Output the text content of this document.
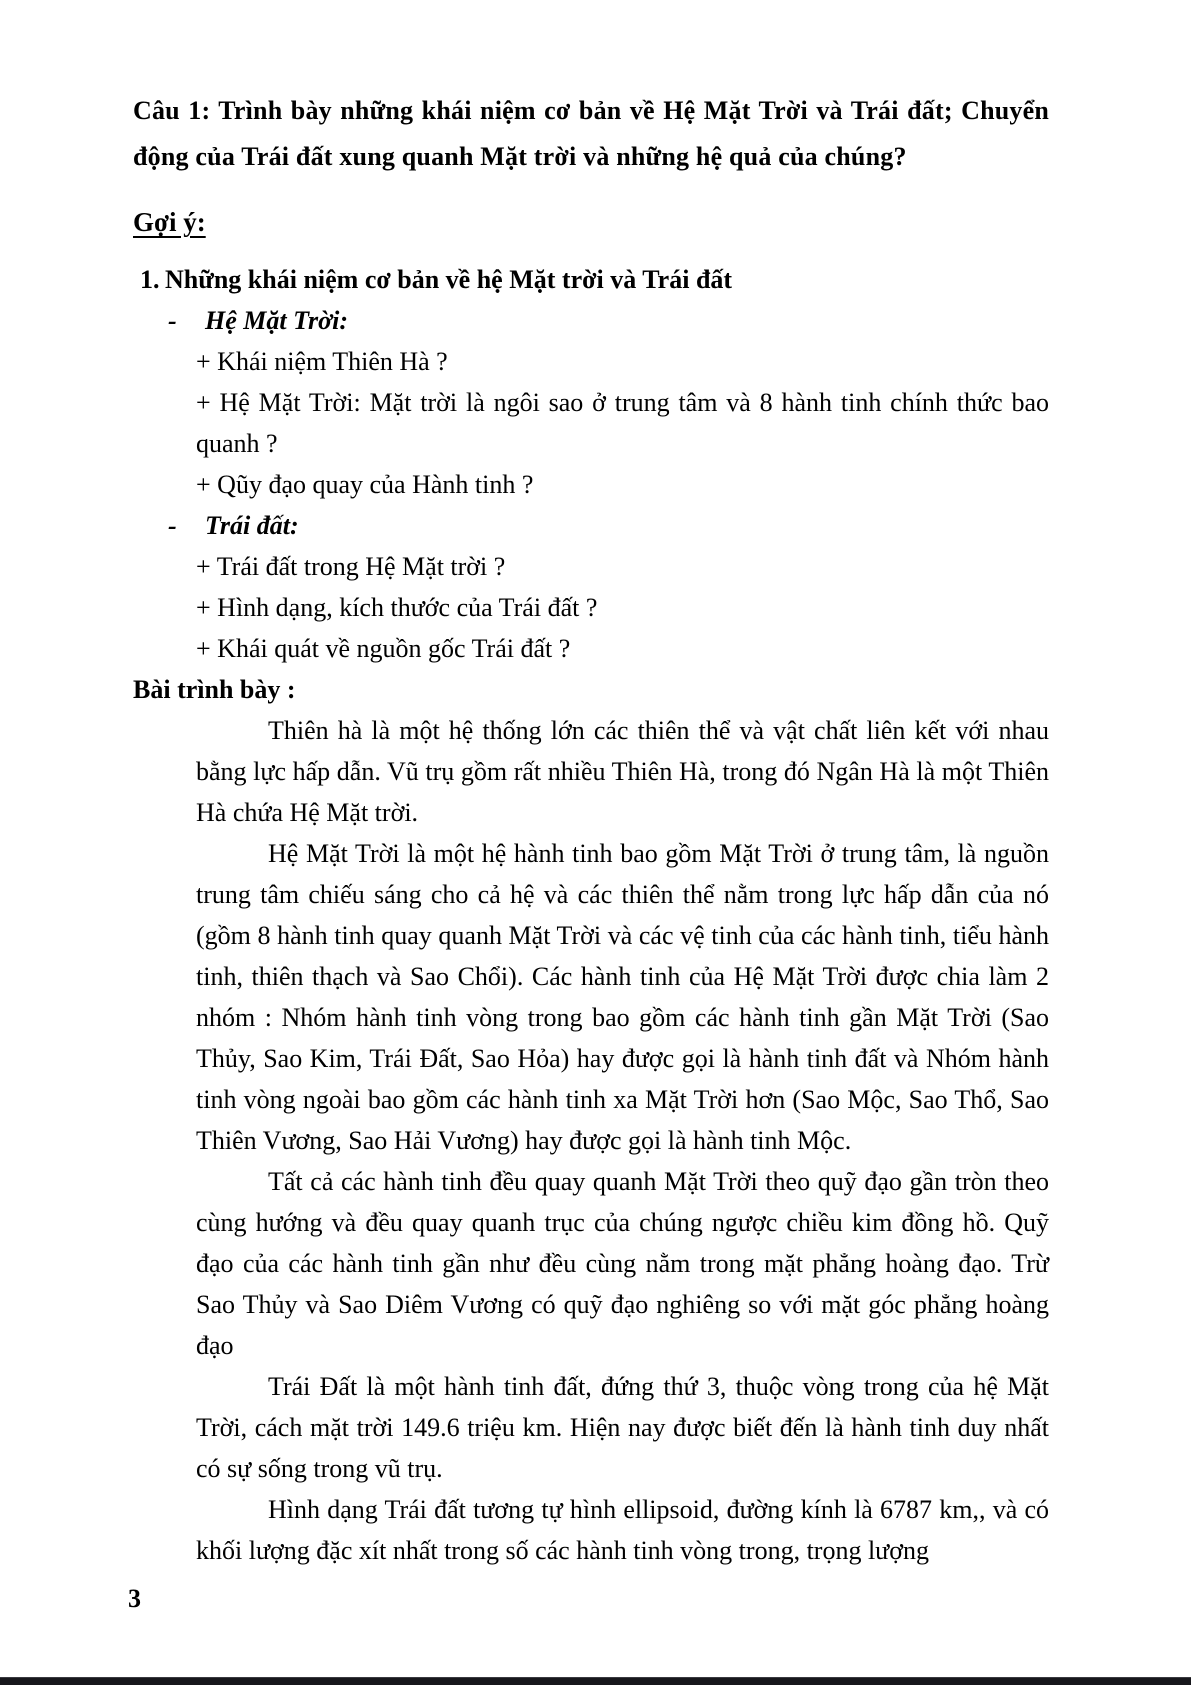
Câu 1: Trình bày những khái niệm cơ bản về Hệ Mặt Trời và Trái đất; Chuyển động của Trái đất xung quanh Mặt trời và những hệ quả của chúng?
Gợi ý:
1. Những khái niệm cơ bản về hệ Mặt trời và Trái đất
-	Hệ Mặt Trời:
+ Khái niệm Thiên Hà ?
+ Hệ Mặt Trời: Mặt trời là ngôi sao ở trung tâm và 8 hành tinh chính thức bao quanh ?
+ Qũy đạo quay của Hành tinh ?
-	Trái đất:
+ Trái đất trong Hệ Mặt trời ?
+ Hình dạng, kích thước của Trái đất ?
+ Khái quát về nguồn gốc Trái đất ?
Bài trình bày :
Thiên hà là một hệ thống lớn các thiên thể và vật chất liên kết với nhau bằng lực hấp dẫn. Vũ trụ gồm rất nhiều Thiên Hà, trong đó Ngân Hà là một Thiên Hà chứa Hệ Mặt trời.
Hệ Mặt Trời là một hệ hành tinh bao gồm Mặt Trời ở trung tâm, là nguồn trung tâm chiếu sáng cho cả hệ và các thiên thể nằm trong lực hấp dẫn của nó (gồm 8 hành tinh quay quanh Mặt Trời và các vệ tinh của các hành tinh, tiểu hành tinh, thiên thạch và Sao Chổi). Các hành tinh của Hệ Mặt Trời được chia làm 2 nhóm : Nhóm hành tinh vòng trong bao gồm các hành tinh gần Mặt Trời (Sao Thủy, Sao Kim, Trái Đất, Sao Hỏa) hay được gọi là hành tinh đất và Nhóm hành tinh vòng ngoài bao gồm các hành tinh xa Mặt Trời hơn (Sao Mộc, Sao Thổ, Sao Thiên Vương, Sao Hải Vương) hay được gọi là hành tinh Mộc.
Tất cả các hành tinh đều quay quanh Mặt Trời theo quỹ đạo gần tròn theo cùng hướng và đều quay quanh trục của chúng ngược chiều kim đồng hồ. Quỹ đạo của các hành tinh gần như đều cùng nằm trong mặt phẳng hoàng đạo. Trừ Sao Thủy và Sao Diêm Vương có quỹ đạo nghiêng so với mặt góc phẳng hoàng đạo
Trái Đất là một hành tinh đất, đứng thứ 3, thuộc vòng trong của hệ Mặt Trời, cách mặt trời 149.6 triệu km. Hiện nay được biết đến là hành tinh duy nhất có sự sống trong vũ trụ.
Hình dạng Trái đất tương tự hình ellipsoid, đường kính là 6787 km,, và có khối lượng đặc xít nhất trong số các hành tinh vòng trong, trọng lượng
3
